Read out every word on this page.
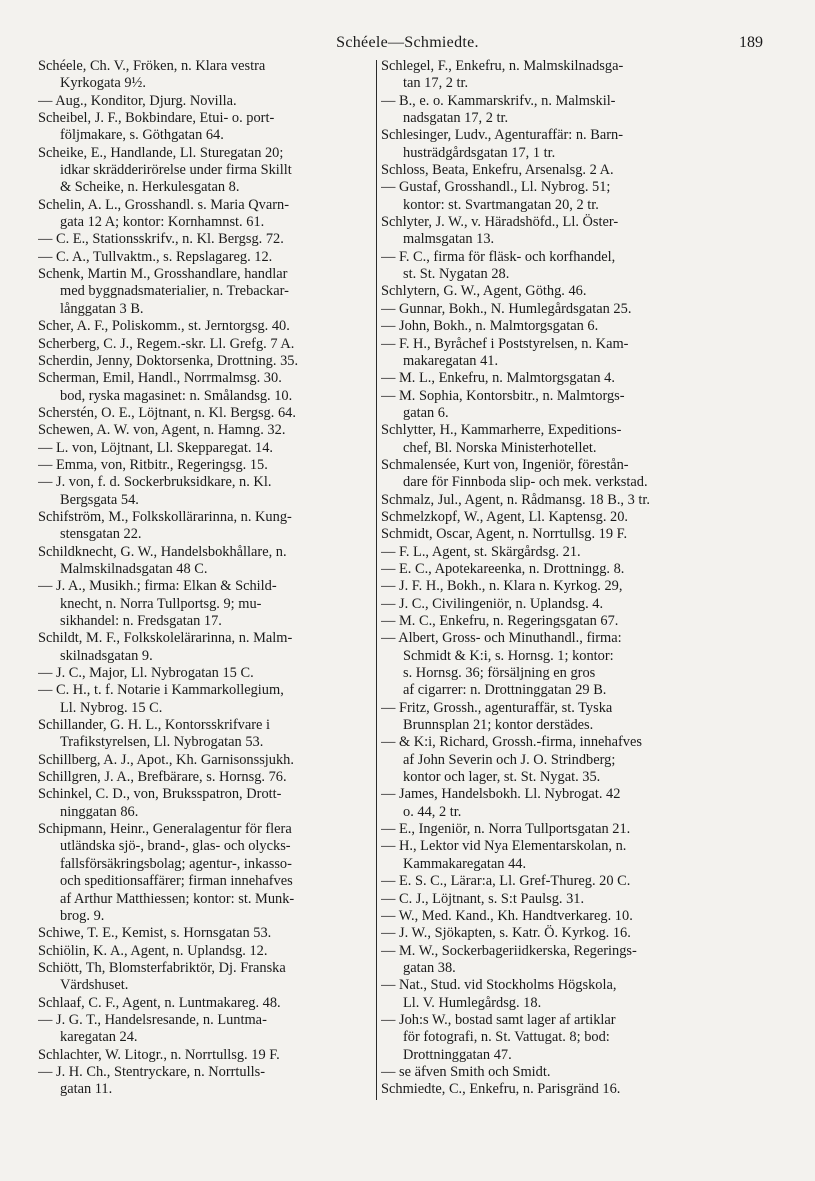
Schéele—Schmiedte.	189
Schéele, Ch. V., Fröken, n. Klara vestra
Kyrkogata 9½.
— Aug., Konditor, Djurg. Novilla.
Scheibel, J. F., Bokbindare, Etui- o. port-
följmakare, s. Göthgatan 64.
Scheike, E., Handlande, Ll. Sturegatan 20;
idkar skrädderirörelse under firma Skillt
& Scheike, n. Herkulesgatan 8.
Schelin, A. L., Grosshandl. s. Maria Qvarn-
gata 12 A; kontor: Kornhamnst. 61.
— C. E., Stationsskrifv., n. Kl. Bergsg. 72.
— C. A., Tullvaktm., s. Repslagareg. 12.
Schenk, Martin M., Grosshandlare, handlar
med byggnadsmaterialier, n. Trebackar-
långgatan 3 B.
Scher, A. F., Poliskomm., st. Jerntorgsg. 40.
Scherberg, C. J., Regem.-skr. Ll. Grefg. 7 A.
Scherdin, Jenny, Doktorsenka, Drottning. 35.
Scherman, Emil, Handl., Norrmalmsg. 30.
bod, ryska magasinet: n. Smålandsg. 10.
Scherstén, O. E., Löjtnant, n. Kl. Bergsg. 64.
Schewen, A. W. von, Agent, n. Hamng. 32.
— L. von, Löjtnant, Ll. Skepparegat. 14.
— Emma, von, Ritbitr., Regeringsg. 15.
— J. von, f. d. Sockerbruksidkare, n. Kl.
Bergsgata 54.
Schifström, M., Folkskollärarinna, n. Kung-
stensgatan 22.
Schildknecht, G. W., Handelsbokhållare, n.
Malmskilnadsgatan 48 C.
— J. A., Musikh.; firma: Elkan & Schild-
knecht, n. Norra Tullportsg. 9; mu-
sikhandel: n. Fredsgatan 17.
Schildt, M. F., Folkskolelärarinna, n. Malm-
skilnadsgatan 9.
— J. C., Major, Ll. Nybrogatan 15 C.
— C. H., t. f. Notarie i Kammarkollegium,
Ll. Nybrog. 15 C.
Schillander, G. H. L., Kontorsskrifvare i
Trafikstyrelsen, Ll. Nybrogatan 53.
Schillberg, A. J., Apot., Kh. Garnisonssjukh.
Schillgren, J. A., Brefbärare, s. Hornsg. 76.
Schinkel, C. D., von, Bruksspatron, Drott-
ninggatan 86.
Schipmann, Heinr., Generalagentur för flera
utländska sjö-, brand-, glas- och olycks-
fallsförsäkringsbolag; agentur-, inkasso-
och speditionsaffärer; firman innehafves
af Arthur Matthiessen; kontor: st. Munk-
brog. 9.
Schiwe, T. E., Kemist, s. Hornsgatan 53.
Schiölin, K. A., Agent, n. Uplandsg. 12.
Schiött, Th, Blomsterfabriktör, Dj. Franska
Värdshuset.
Schlaaf, C. F., Agent, n. Luntmakareg. 48.
— J. G. T., Handelsresande, n. Luntma-
karegatan 24.
Schlachter, W. Litogr., n. Norrtullsg. 19 F.
— J. H. Ch., Stentryckare, n. Norrtulls-
gatan 11.
Schlegel, F., Enkefru, n. Malmskilnadsga-
tan 17, 2 tr.
— B., e. o. Kammarskrifv., n. Malmskil-
nadsgatan 17, 2 tr.
Schlesinger, Ludv., Agenturaffär: n. Barn-
husträdgårdsgatan 17, 1 tr.
Schloss, Beata, Enkefru, Arsenalsg. 2 A.
— Gustaf, Grosshandl., Ll. Nybrog. 51;
kontor: st. Svartmangatan 20, 2 tr.
Schlyter, J. W., v. Häradshöfd., Ll. Öster-
malmsgatan 13.
— F. C., firma för fläsk- och korfhandel,
st. St. Nygatan 28.
Schlytern, G. W., Agent, Göthg. 46.
— Gunnar, Bokh., N. Humlegårdsgatan 25.
— John, Bokh., n. Malmtorgsgatan 6.
— F. H., Byråchef i Poststyrelsen, n. Kam-
makaregatan 41.
— M. L., Enkefru, n. Malmtorgsgatan 4.
— M. Sophia, Kontorsbitr., n. Malmtorgs-
gatan 6.
Schlytter, H., Kammarherre, Expeditions-
chef, Bl. Norska Ministerhotellet.
Schmalensée, Kurt von, Ingeniör, förestån-
dare för Finnboda slip- och mek. verkstad.
Schmalz, Jul., Agent, n. Rådmansg. 18 B., 3 tr.
Schmelzkopf, W., Agent, Ll. Kaptensg. 20.
Schmidt, Oscar, Agent, n. Norrtullsg. 19 F.
— F. L., Agent, st. Skärgårdsg. 21.
— E. C., Apotekareenka, n. Drottningg. 8.
— J. F. H., Bokh., n. Klara n. Kyrkog. 29,
— J. C., Civilingeniör, n. Uplandsg. 4.
— M. C., Enkefru, n. Regeringsgatan 67.
— Albert, Gross- och Minuthandl., firma:
Schmidt & K:i, s. Hornsg. 1; kontor:
s. Hornsg. 36; försäljning en gros
af cigarrer: n. Drottninggatan 29 B.
— Fritz, Grossh., agenturaffär, st. Tyska
Brunnsplan 21; kontor derstädes.
— & K:i, Richard, Grossh.-firma, innehafves
af John Severin och J. O. Strindberg;
kontor och lager, st. St. Nygat. 35.
— James, Handelsbokh. Ll. Nybrogat. 42
o. 44, 2 tr.
— E., Ingeniör, n. Norra Tullportsgatan 21.
— H., Lektor vid Nya Elementarskolan, n.
Kammakaregatan 44.
— E. S. C., Lärar:a, Ll. Gref-Thureg. 20 C.
— C. J., Löjtnant, s. S:t Paulsg. 31.
— W., Med. Kand., Kh. Handtverkareg. 10.
— J. W., Sjökapten, s. Katr. Ö. Kyrkog. 16.
— M. W., Sockerbageriidkerska, Regerings-
gatan 38.
— Nat., Stud. vid Stockholms Högskola,
Ll. V. Humlegårdsg. 18.
— Joh:s W., bostad samt lager af artiklar
för fotografi, n. St. Vattugat. 8; bod:
Drottninggatan 47.
— se äfven Smith och Smidt.
Schmiedte, C., Enkefru, n. Parisgränd 16.
